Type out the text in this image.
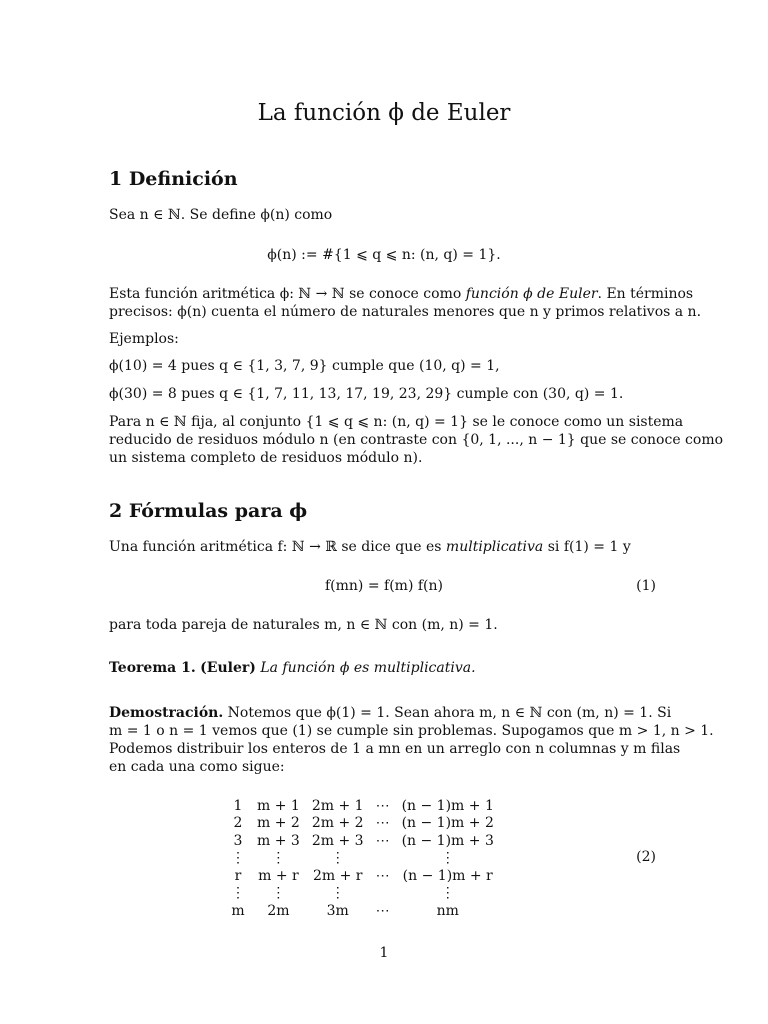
La función ϕ de Euler
1 Definición
Sea n ∈ ℕ. Se define ϕ(n) como
ϕ(n) := #{1 ⩽ q ⩽ n: (n, q) = 1}.
Esta función aritmética ϕ: ℕ → ℕ se conoce como función ϕ de Euler. En términos
precisos: ϕ(n) cuenta el número de naturales menores que n y primos relativos a n.
Ejemplos:
ϕ(10) = 4 pues q ∈ {1, 3, 7, 9} cumple que (10, q) = 1,
ϕ(30) = 8 pues q ∈ {1, 7, 11, 13, 17, 19, 23, 29} cumple con (30, q) = 1.
Para n ∈ ℕ fija, al conjunto {1 ⩽ q ⩽ n: (n, q) = 1} se le conoce como un sistema
reducido de residuos módulo n (en contraste con {0, 1, ..., n − 1} que se conoce como
un sistema completo de residuos módulo n).
2 Fórmulas para ϕ
Una función aritmética f: ℕ → ℝ se dice que es multiplicativa si f(1) = 1 y
f(mn) = f(m) f(n)	(1)
para toda pareja de naturales m, n ∈ ℕ con (m, n) = 1.
Teorema 1. (Euler) La función ϕ es multiplicativa.
Demostración. Notemos que ϕ(1) = 1. Sean ahora m, n ∈ ℕ con (m, n) = 1. Si
m = 1 o n = 1 vemos que (1) se cumple sin problemas. Supogamos que m > 1, n > 1.
Podemos distribuir los enteros de 1 a mn en un arreglo con n columnas y m filas
en cada una como sigue:
1	m + 1	2m + 1	⋯	(n − 1)m + 1
2	m + 2	2m + 2	⋯	(n − 1)m + 2
3	m + 3	2m + 3	⋯	(n − 1)m + 3
⋮	⋮	⋮		⋮
r	m + r	2m + r	⋯	(n − 1)m + r
⋮	⋮	⋮		⋮
m	2m	3m	⋯	nm
(2)
1
